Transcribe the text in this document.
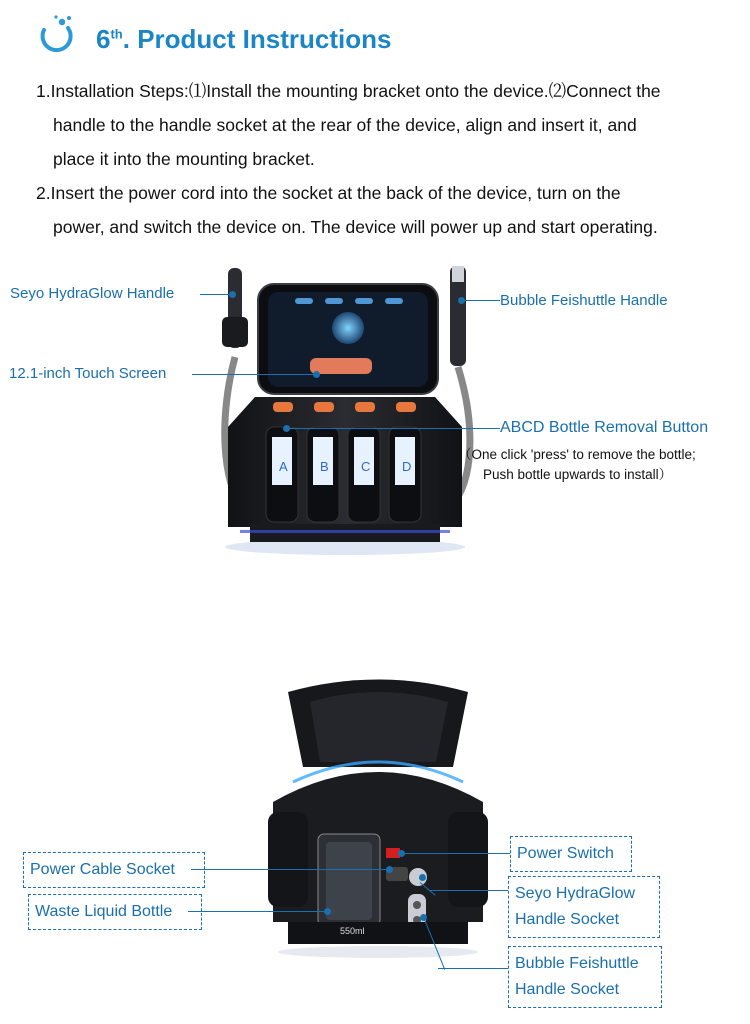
6th. Product Instructions
1.Installation Steps:⑴Install the mounting bracket onto the device.⑵Connect the
handle to the handle socket at the rear of the device, align and insert it, and
place it into the mounting bracket.
2.Insert the power cord into the socket at the back of the device, turn on the
power, and switch the device on. The device will power up and start operating.
A B C D
Seyo HydraGlow Handle	Bubble Feishuttle Handle
12.1-inch Touch Screen
ABCD Bottle Removal Button
（One click 'press' to remove the bottle;
Push bottle upwards to install）
550ml
Power Cable Socket
Waste Liquid Bottle
Power Switch
Seyo HydraGlow
Handle Socket
Bubble Feishuttle
Handle Socket
